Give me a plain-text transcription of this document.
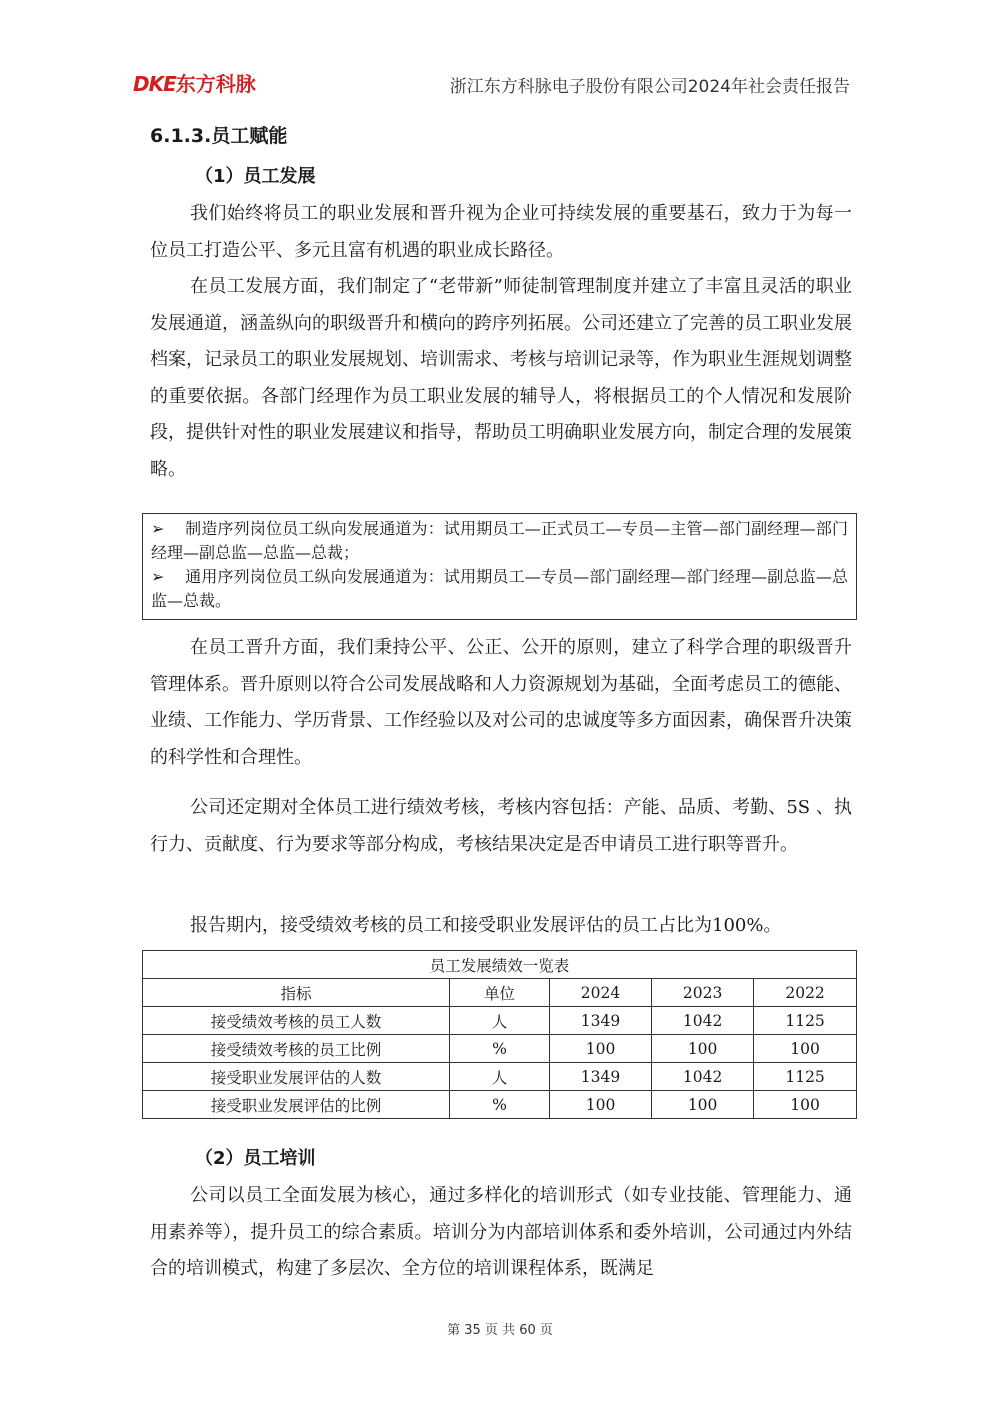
DKE东方科脉	浙江东方科脉电子股份有限公司2024年社会责任报告
6.1.3.员工赋能
（1）员工发展

我们始终将员工的职业发展和晋升视为企业可持续发展的重要基石，致力于为每一位员工打造公平、多元且富有机遇的职业成长路径。

在员工发展方面，我们制定了“老带新”师徒制管理制度并建立了丰富且灵活的职业发展通道，涵盖纵向的职级晋升和横向的跨序列拓展。公司还建立了完善的员工职业发展档案，记录员工的职业发展规划、培训需求、考核与培训记录等，作为职业生涯规划调整的重要依据。各部门经理作为员工职业发展的辅导人，将根据员工的个人情况和发展阶段，提供针对性的职业发展建议和指导，帮助员工明确职业发展方向，制定合理的发展策略。

➢ 制造序列岗位员工纵向发展通道为：试用期员工—正式员工—专员—主管—部门副经理—部门经理—副总监—总监—总裁；

➢ 通用序列岗位员工纵向发展通道为：试用期员工—专员—部门副经理—部门经理—副总监—总监—总裁。

在员工晋升方面，我们秉持公平、公正、公开的原则，建立了科学合理的职级晋升管理体系。晋升原则以符合公司发展战略和人力资源规划为基础，全面考虑员工的德能、业绩、工作能力、学历背景、工作经验以及对公司的忠诚度等多方面因素，确保晋升决策的科学性和合理性。

公司还定期对全体员工进行绩效考核，考核内容包括：产能、品质、考勤、5S 、执行力、贡献度、行为要求等部分构成，考核结果决定是否申请员工进行职等晋升。

报告期内，接受绩效考核的员工和接受职业发展评估的员工占比为100%。

员工发展绩效一览表				
指标	单位	2024	2023	2022
接受绩效考核的员工人数	人	1349	1042	1125
接受绩效考核的员工比例	%	100	100	100
接受职业发展评估的人数	人	1349	1042	1125
接受职业发展评估的比例	%	100	100	100
（2）员工培训

公司以员工全面发展为核心，通过多样化的培训形式（如专业技能、管理能力、通用素养等），提升员工的综合素质。培训分为内部培训体系和委外培训，公司通过内外结合的培训模式，构建了多层次、全方位的培训课程体系，既满足

第 35 页 共 60 页
